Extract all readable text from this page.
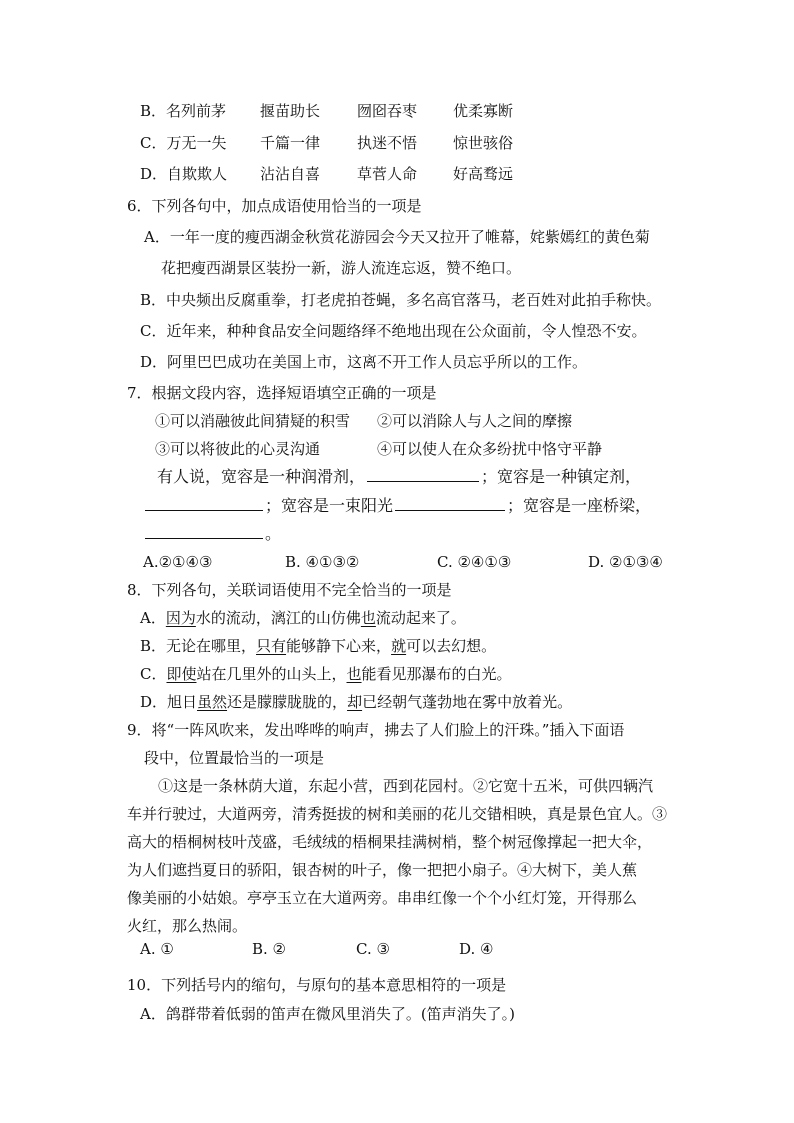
B．名列前茅 揠苗助长 囫囵吞枣 优柔寡断
C．万无一失 千篇一律 执迷不悟 惊世骇俗
D．自欺欺人 沾沾自喜 草菅人命 好高骛远
6．下列各句中，加点成语使用恰当的一项是
A．一年一度的瘦西湖金秋赏花游园会今天又拉开了帷幕，姹紫嫣红的黄色菊
花把瘦西湖景区装扮一新，游人流连忘返，赞不绝口。
B．中央频出反腐重拳，打老虎拍苍蝇，多名高官落马，老百姓对此拍手称快。
C．近年来，种种食品安全问题络绎不绝地出现在公众面前，令人惶恐不安。
D．阿里巴巴成功在美国上市，这离不开工作人员忘乎所以的工作。
7．根据文段内容，选择短语填空正确的一项是
①可以消融彼此间猜疑的积雪 ②可以消除人与人之间的摩擦
③可以将彼此的心灵沟通	④可以使人在众多纷扰中恪守平静
有人说，宽容是一种润滑剂，	；宽容是一种镇定剂，
；宽容是一束阳光	；宽容是一座桥梁，
。
A.②①④③	B. ④①③②	C. ②④①③	D. ②①③④
8．下列各句，关联词语使用不完全恰当的一项是
A．因为水的流动，漓江的山仿佛也流动起来了。
B．无论在哪里，只有能够静下心来，就可以去幻想。
C．即使站在几里外的山头上，也能看见那瀑布的白光。
D．旭日虽然还是朦朦胧胧的，却已经朝气蓬勃地在雾中放着光。
9．将“一阵风吹来，发出哗哗的响声，拂去了人们脸上的汗珠。”插入下面语
段中，位置最恰当的一项是
①这是一条林荫大道，东起小营，西到花园村。②它宽十五米，可供四辆汽
车并行驶过，大道两旁，清秀挺拔的树和美丽的花儿交错相映，真是景色宜人。③
高大的梧桐树枝叶茂盛，毛绒绒的梧桐果挂满树梢，整个树冠像撑起一把大伞，
为人们遮挡夏日的骄阳，银杏树的叶子，像一把把小扇子。④大树下，美人蕉
像美丽的小姑娘。亭亭玉立在大道两旁。串串红像一个个小红灯笼，开得那么
火红，那么热闹。
A. ①	B. ②	C. ③	D. ④
10．下列括号内的缩句，与原句的基本意思相符的一项是
A．鸽群带着低弱的笛声在微风里消失了。(笛声消失了。)
